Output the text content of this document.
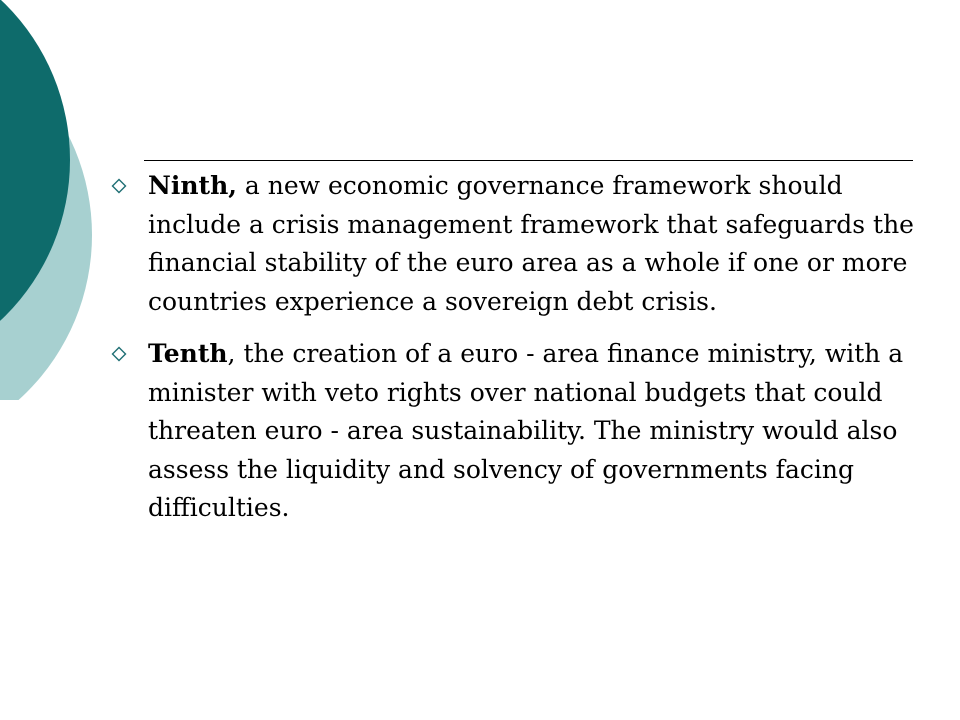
Ninth, a new economic governance framework should include a crisis management framework that safeguards the financial stability of the euro area as a whole if one or more countries experience a sovereign debt crisis.
Tenth, the creation of a euro - area finance ministry, with a minister with veto rights over national budgets that could threaten euro - area sustainability. The ministry would also assess the liquidity and solvency of governments facing difficulties.
